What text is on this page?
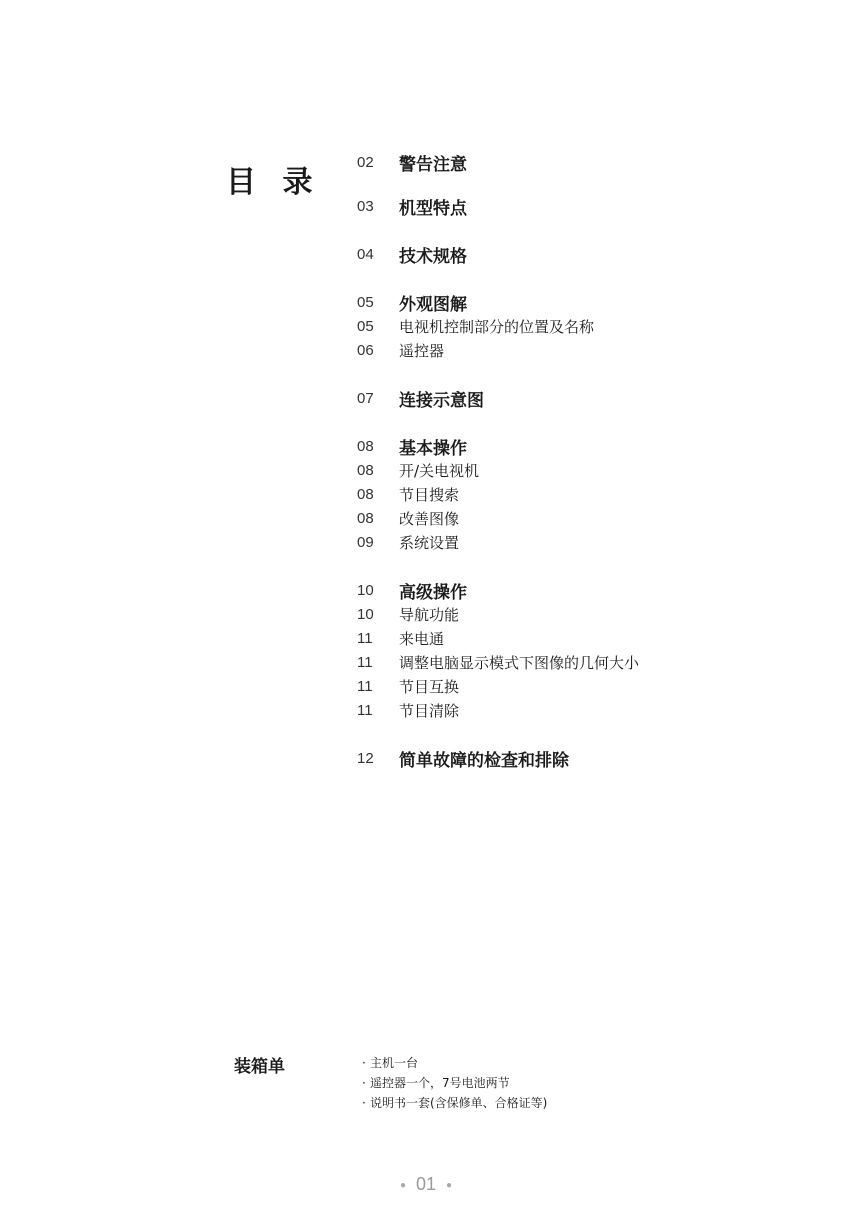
目 录
02	警告注意
03	机型特点
04	技术规格
05	外观图解
05	电视机控制部分的位置及名称
06	遥控器
07	连接示意图
08	基本操作
08	开/关电视机
08	节目搜索
08	改善图像
09	系统设置
10	高级操作
10	导航功能
11	来电通
11	调整电脑显示模式下图像的几何大小
11	节目互换
11	节目清除
12	简单故障的检查和排除
装箱单	· 主机一台
· 遥控器一个，7号电池两节
· 说明书一套(含保修单、合格证等)
● 01 ●
